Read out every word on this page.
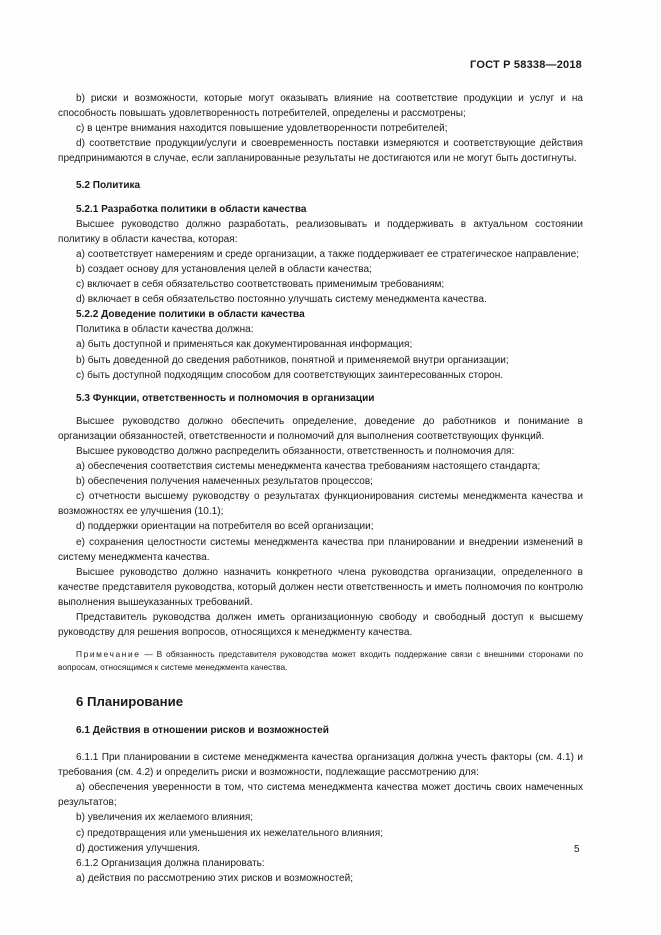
ГОСТ Р 58338—2018

b) риски и возможности, которые могут оказывать влияние на соответствие продукции и услуг и на способность повышать удовлетворенность потребителей, определены и рассмотрены;

c) в центре внимания находится повышение удовлетворенности потребителей;

d) соответствие продукции/услуги и своевременность поставки измеряются и соответствующие действия предпринимаются в случае, если запланированные результаты не достигаются или не могут быть достигнуты.

5.2 Политика

5.2.1 Разработка политики в области качества

Высшее руководство должно разработать, реализовывать и поддерживать в актуальном состоянии политику в области качества, которая:

a) соответствует намерениям и среде организации, а также поддерживает ее стратегическое направление;

b) создает основу для установления целей в области качества;

c) включает в себя обязательство соответствовать применимым требованиям;

d) включает в себя обязательство постоянно улучшать систему менеджмента качества.

5.2.2 Доведение политики в области качества

Политика в области качества должна:

a) быть доступной и применяться как документированная информация;

b) быть доведенной до сведения работников, понятной и применяемой внутри организации;

c) быть доступной подходящим способом для соответствующих заинтересованных сторон.

5.3 Функции, ответственность и полномочия в организации

Высшее руководство должно обеспечить определение, доведение до работников и понимание в организации обязанностей, ответственности и полномочий для выполнения соответствующих функций.

Высшее руководство должно распределить обязанности, ответственность и полномочия для:

a) обеспечения соответствия системы менеджмента качества требованиям настоящего стандарта;

b) обеспечения получения намеченных результатов процессов;

c) отчетности высшему руководству о результатах функционирования системы менеджмента качества и возможностях ее улучшения (10.1);

d) поддержки ориентации на потребителя во всей организации;

e) сохранения целостности системы менеджмента качества при планировании и внедрении изменений в систему менеджмента качества.

Высшее руководство должно назначить конкретного члена руководства организации, определенного в качестве представителя руководства, который должен нести ответственность и иметь полномочия по контролю выполнения вышеуказанных требований.

Представитель руководства должен иметь организационную свободу и свободный доступ к высшему руководству для решения вопросов, относящихся к менеджменту качества.

Примечание — В обязанность представителя руководства может входить поддержание связи с внешними сторонами по вопросам, относящимся к системе менеджмента качества.

6 Планирование

6.1 Действия в отношении рисков и возможностей

6.1.1 При планировании в системе менеджмента качества организация должна учесть факторы (см. 4.1) и требования (см. 4.2) и определить риски и возможности, подлежащие рассмотрению для:

a) обеспечения уверенности в том, что система менеджмента качества может достичь своих намеченных результатов;

b) увеличения их желаемого влияния;

c) предотвращения или уменьшения их нежелательного влияния;

d) достижения улучшения.

6.1.2 Организация должна планировать:

a) действия по рассмотрению этих рисков и возможностей;

5
